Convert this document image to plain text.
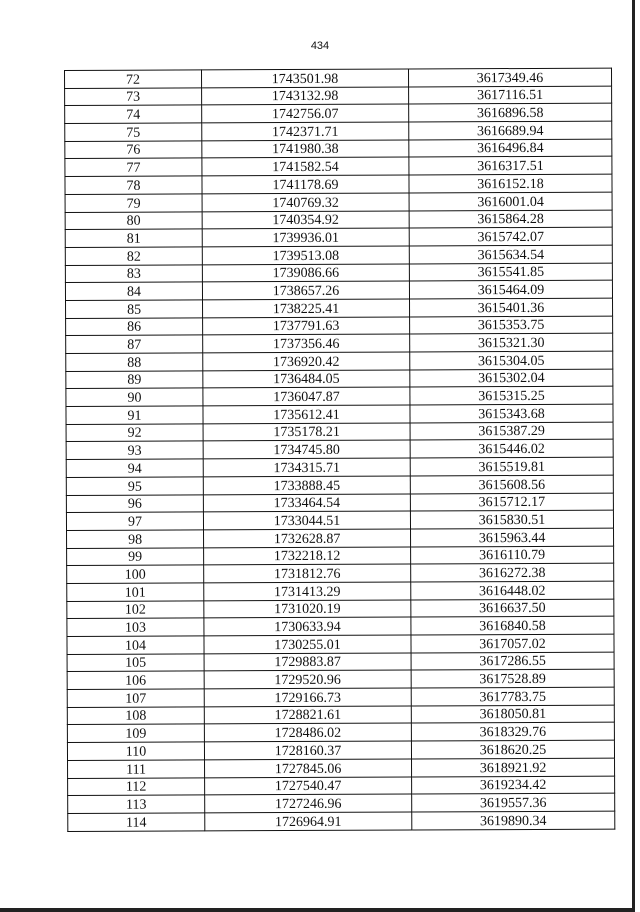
434
72	1743501.98	3617349.46
73	1743132.98	3617116.51
74	1742756.07	3616896.58
75	1742371.71	3616689.94
76	1741980.38	3616496.84
77	1741582.54	3616317.51
78	1741178.69	3616152.18
79	1740769.32	3616001.04
80	1740354.92	3615864.28
81	1739936.01	3615742.07
82	1739513.08	3615634.54
83	1739086.66	3615541.85
84	1738657.26	3615464.09
85	1738225.41	3615401.36
86	1737791.63	3615353.75
87	1737356.46	3615321.30
88	1736920.42	3615304.05
89	1736484.05	3615302.04
90	1736047.87	3615315.25
91	1735612.41	3615343.68
92	1735178.21	3615387.29
93	1734745.80	3615446.02
94	1734315.71	3615519.81
95	1733888.45	3615608.56
96	1733464.54	3615712.17
97	1733044.51	3615830.51
98	1732628.87	3615963.44
99	1732218.12	3616110.79
100	1731812.76	3616272.38
101	1731413.29	3616448.02
102	1731020.19	3616637.50
103	1730633.94	3616840.58
104	1730255.01	3617057.02
105	1729883.87	3617286.55
106	1729520.96	3617528.89
107	1729166.73	3617783.75
108	1728821.61	3618050.81
109	1728486.02	3618329.76
110	1728160.37	3618620.25
111	1727845.06	3618921.92
112	1727540.47	3619234.42
113	1727246.96	3619557.36
114	1726964.91	3619890.34
